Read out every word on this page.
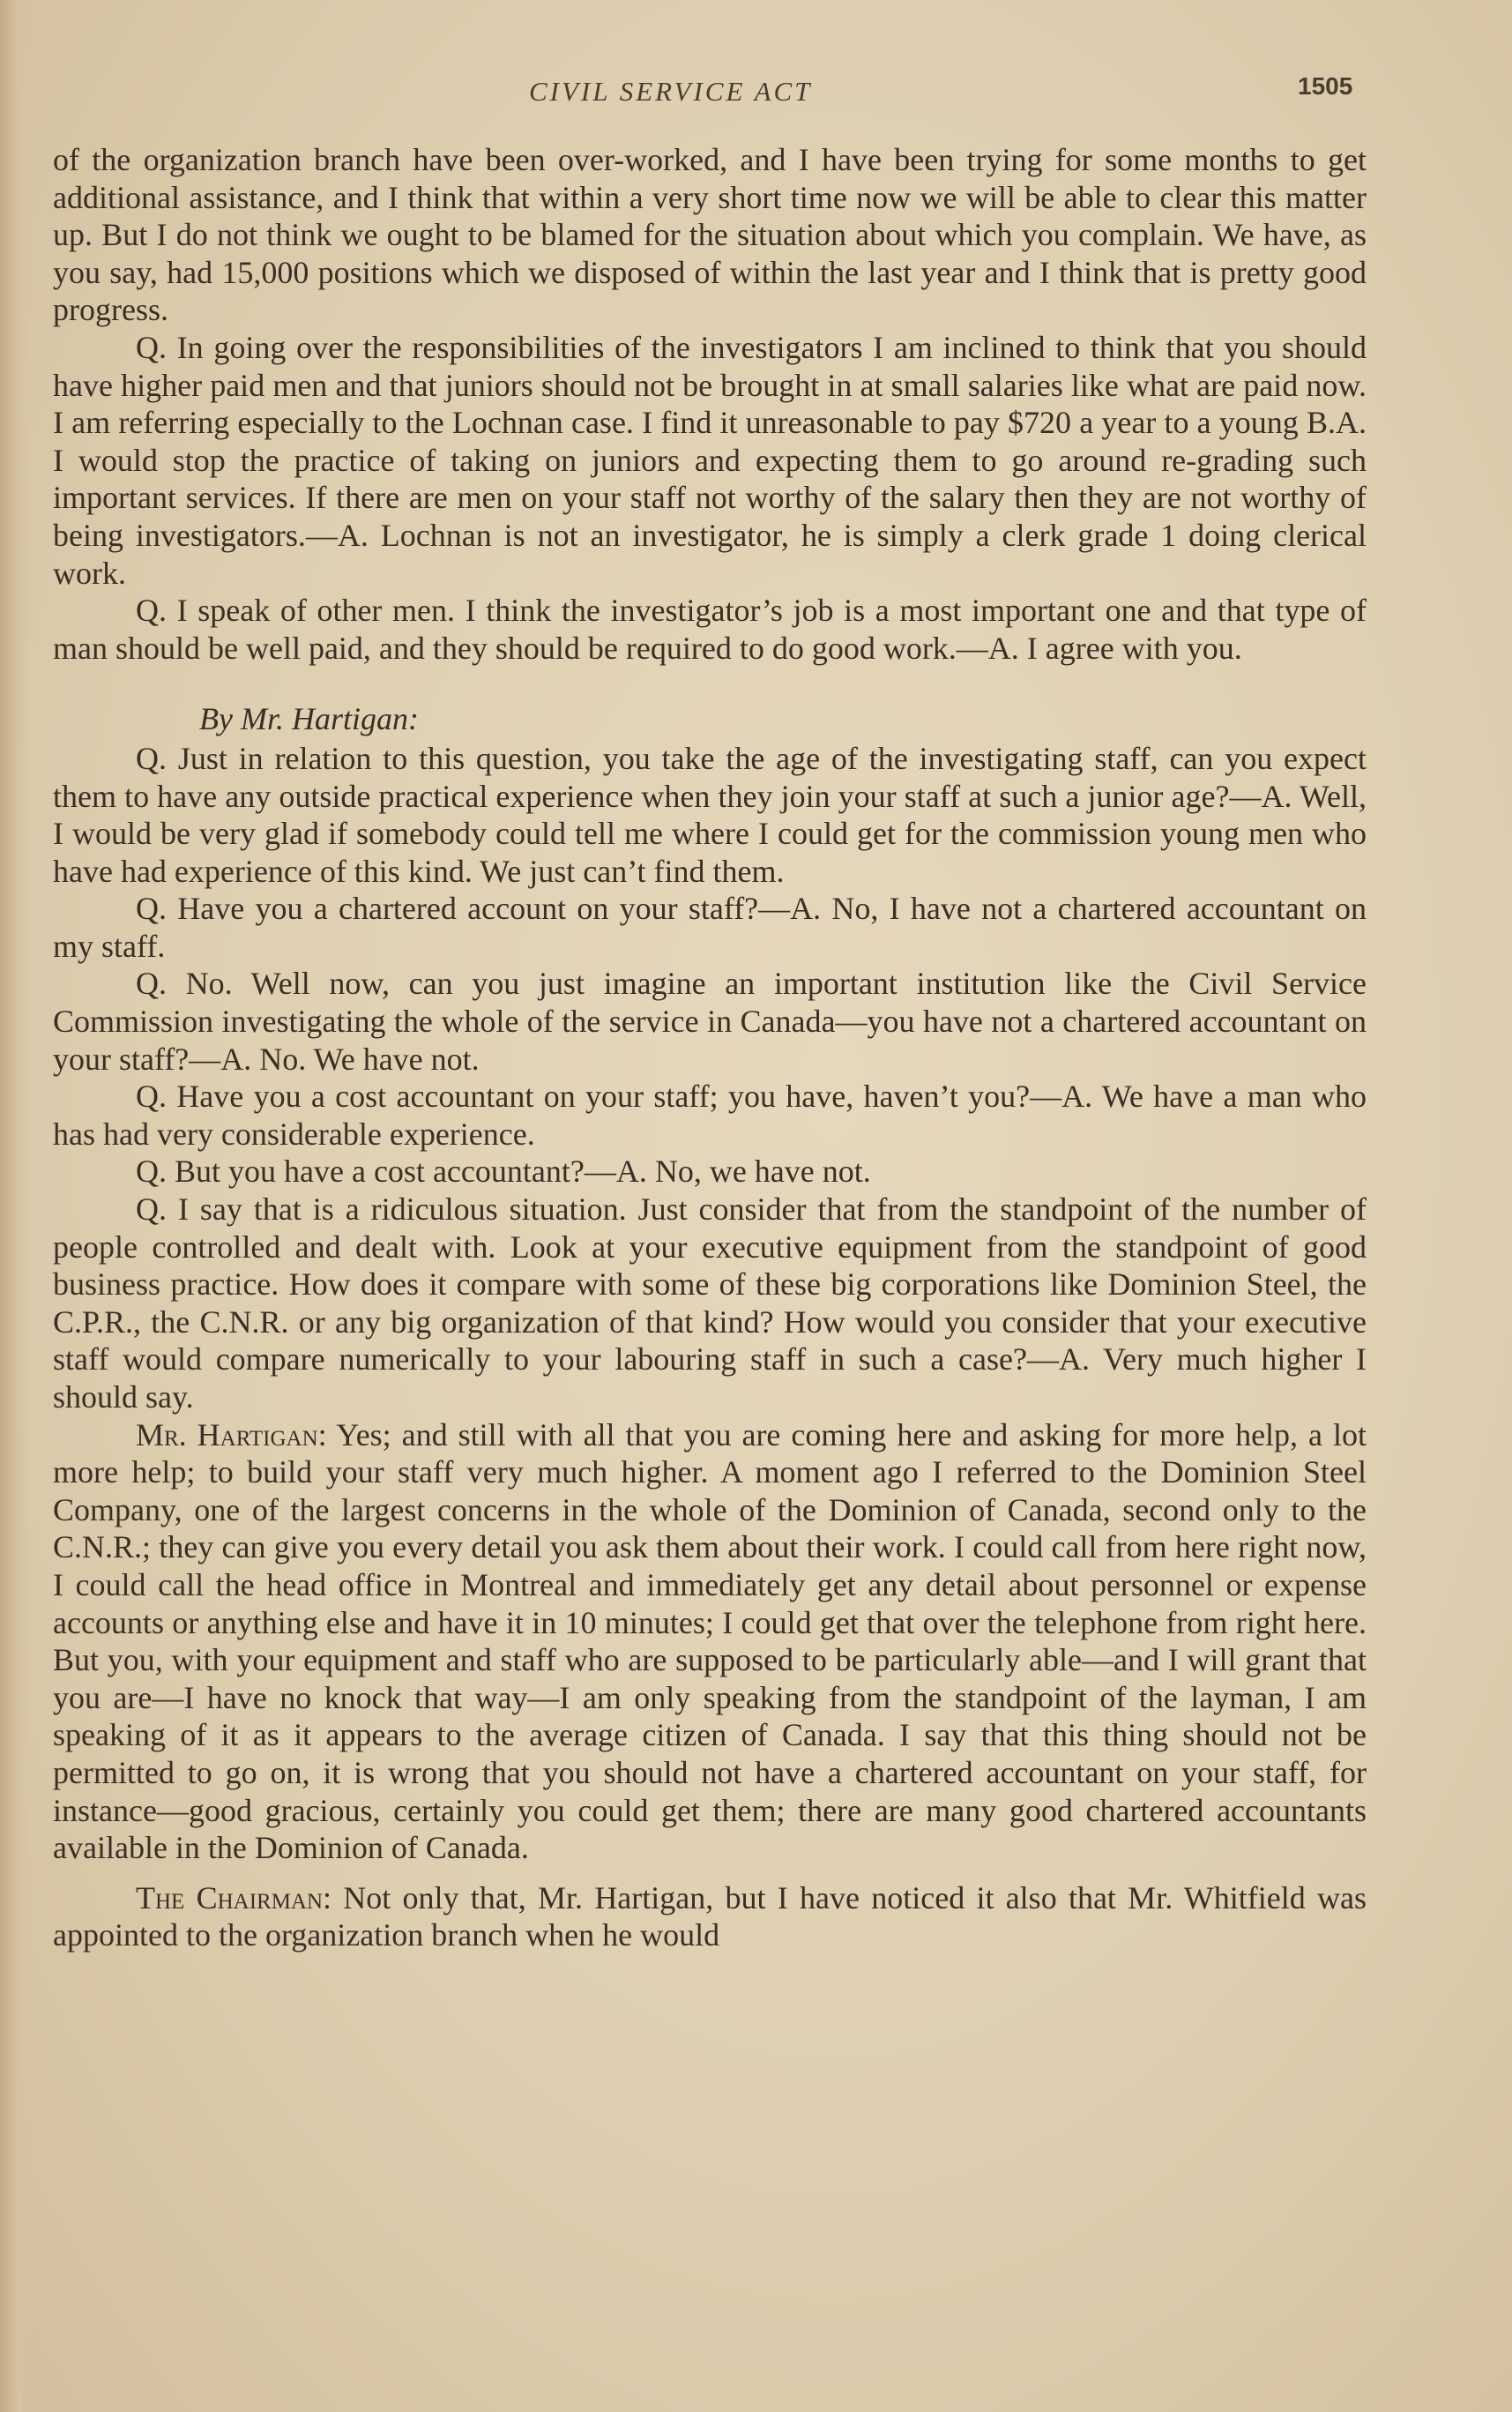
CIVIL SERVICE ACT	1505

of the organization branch have been over-worked, and I have been trying for some months to get additional assistance, and I think that within a very short time now we will be able to clear this matter up. But I do not think we ought to be blamed for the situation about which you complain. We have, as you say, had 15,000 positions which we disposed of within the last year and I think that is pretty good progress.

Q. In going over the responsibilities of the investigators I am inclined to think that you should have higher paid men and that juniors should not be brought in at small salaries like what are paid now. I am referring especially to the Lochnan case. I find it unreasonable to pay $720 a year to a young B.A. I would stop the practice of taking on juniors and expecting them to go around re-grading such important services. If there are men on your staff not worthy of the salary then they are not worthy of being investigators.—A. Lochnan is not an investigator, he is simply a clerk grade 1 doing clerical work.

Q. I speak of other men. I think the investigator’s job is a most important one and that type of man should be well paid, and they should be required to do good work.—A. I agree with you.

By Mr. Hartigan:

Q. Just in relation to this question, you take the age of the investigating staff, can you expect them to have any outside practical experience when they join your staff at such a junior age?—A. Well, I would be very glad if somebody could tell me where I could get for the commission young men who have had experience of this kind. We just can’t find them.

Q. Have you a chartered account on your staff?—A. No, I have not a chartered accountant on my staff.

Q. No. Well now, can you just imagine an important institution like the Civil Service Commission investigating the whole of the service in Canada—you have not a chartered accountant on your staff?—A. No. We have not.

Q. Have you a cost accountant on your staff; you have, haven’t you?—A. We have a man who has had very considerable experience.

Q. But you have a cost accountant?—A. No, we have not.

Q. I say that is a ridiculous situation. Just consider that from the standpoint of the number of people controlled and dealt with. Look at your executive equipment from the standpoint of good business practice. How does it compare with some of these big corporations like Dominion Steel, the C.P.R., the C.N.R. or any big organization of that kind? How would you consider that your executive staff would compare numerically to your labouring staff in such a case?—A. Very much higher I should say.

Mr. Hartigan: Yes; and still with all that you are coming here and asking for more help, a lot more help; to build your staff very much higher. A moment ago I referred to the Dominion Steel Company, one of the largest concerns in the whole of the Dominion of Canada, second only to the C.N.R.; they can give you every detail you ask them about their work. I could call from here right now, I could call the head office in Montreal and immediately get any detail about personnel or expense accounts or anything else and have it in 10 minutes; I could get that over the telephone from right here. But you, with your equipment and staff who are supposed to be particularly able—and I will grant that you are—I have no knock that way—I am only speaking from the standpoint of the layman, I am speaking of it as it appears to the average citizen of Canada. I say that this thing should not be permitted to go on, it is wrong that you should not have a chartered accountant on your staff, for instance—good gracious, certainly you could get them; there are many good chartered accountants available in the Dominion of Canada.

The Chairman: Not only that, Mr. Hartigan, but I have noticed it also that Mr. Whitfield was appointed to the organization branch when he would
